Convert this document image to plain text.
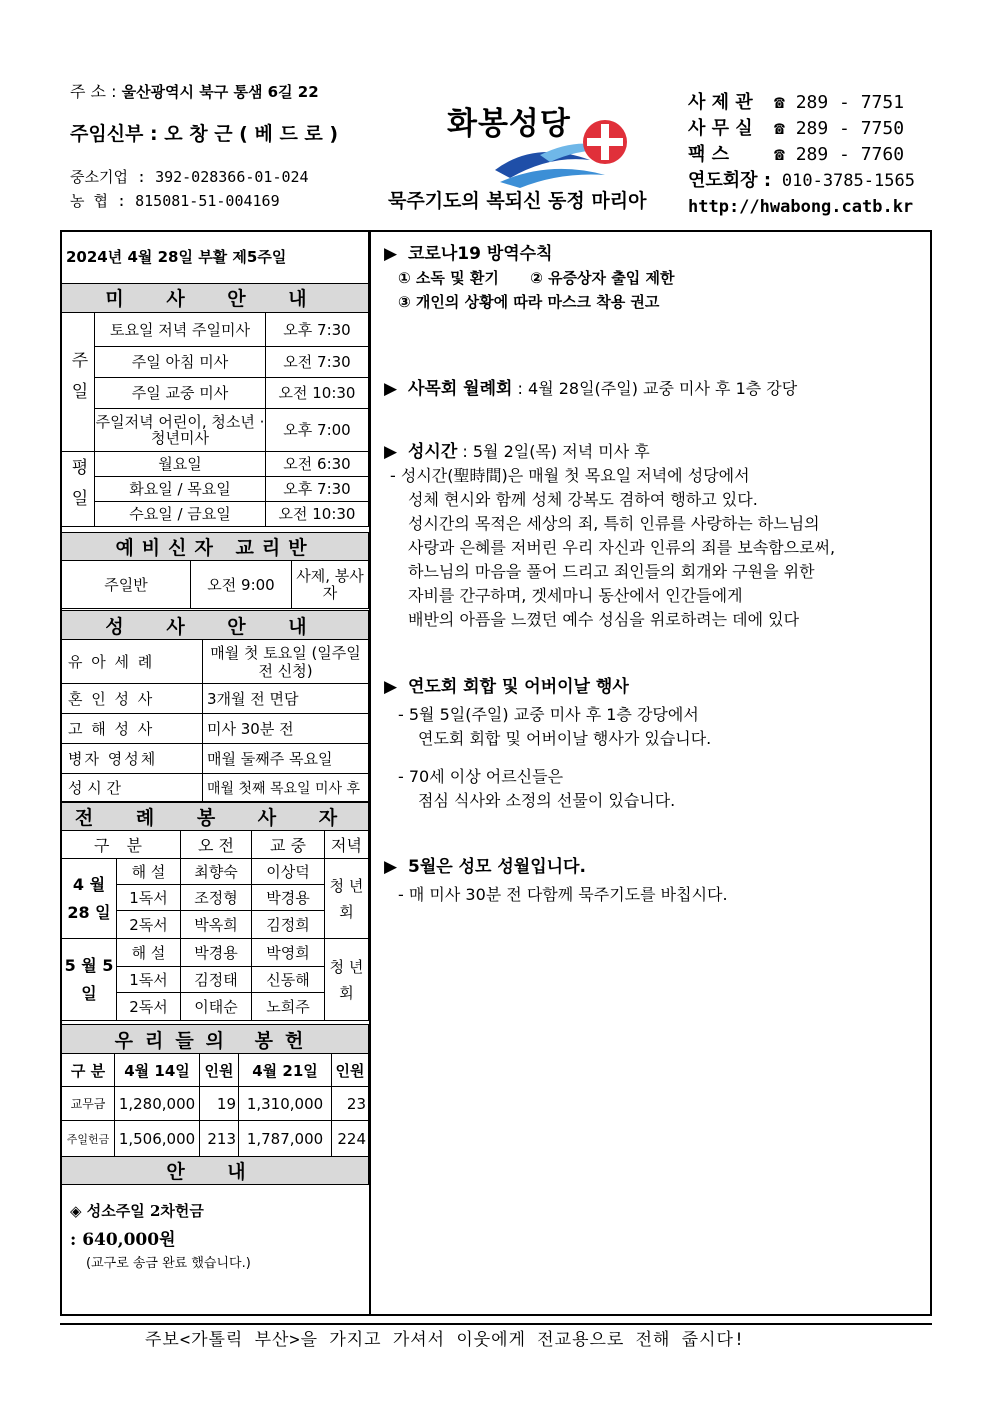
주 소 : 울산광역시 북구 통샘 6길 22
주임신부 : 오 창 근 ( 베 드 로 )
중소기업 : 392-028366-01-024
농 협 : 815081-51-004169
화봉성당
묵주기도의 복되신 동정 마리아
사 제 관 ☎ 289 - 7751
사 무 실 ☎ 289 - 7750
팩 스 ☎ 289 - 7760
연도회장 : 010-3785-1565
http://hwabong.catb.kr
2024년 4월 28일 부활 제5주일		
미 사 안 내		
주일	토요일 저녁 주일미사	오후 7:30
	주일 아침 미사	오전 7:30
	주일 교중 미사	오전 10:30
	주일저녁 어린이, 청소년 · 청년미사	오후 7:00
평일	월요일	오전 6:30
	화요일 / 목요일	오후 7:30
	수요일 / 금요일	오전 10:30
예비신자 교리반
주일반	오전 9:00	사제, 봉사자
성 사 안 내	
유 아 세 례	매월 첫 토요일 (일주일 전 신청)
혼 인 성 사	3개월 전 면담
고 해 성 사	미사 30분 전
병자 영성체	매월 둘째주 목요일
성 시 간	매월 첫째 목요일 미사 후
전 례 봉 사 자				
구 분		오 전	교 중	저녁
4 월 28 일	해 설	최향숙	이상덕	청 년 회
	1독서	조정형	박경용	
	2독서	박옥희	김정희	
5 월 5 일	해 설	박경용	박영희	청 년 회
	1독서	김정태	신동해	
	2독서	이태순	노희주	
우리들의 봉헌				
구 분	4월 14일	인원	4월 21일	인원
교무금	1,280,000	19	1,310,000	23
주일헌금	1,506,000	213	1,787,000	224
안 내				
◈ 성소주일 2차헌금
: 640,000원
(교구로 송금 완료 했습니다.)
▶ 코로나19 방역수칙

① 소독 및 환기      ② 유증상자 출입 제한

③ 개인의 상황에 따라 마스크 착용 권고

▶ 사목회 월례회 : 4월 28일(주일) 교중 미사 후 1층 강당
▶ 성시간 : 5월 2일(목) 저녁 미사 후

- 성시간(聖時間)은 매월 첫 목요일 저녁에 성당에서

성체 현시와 함께 성체 강복도 겸하여 행하고 있다.

성시간의 목적은 세상의 죄, 특히 인류를 사랑하는 하느님의

사랑과 은혜를 저버린 우리 자신과 인류의 죄를 보속함으로써,

하느님의 마음을 풀어 드리고 죄인들의 회개와 구원을 위한

자비를 간구하며, 겟세마니 동산에서 인간들에게

배반의 아픔을 느꼈던 예수 성심을 위로하려는 데에 있다

▶ 연도회 회합 및 어버이날 행사

- 5월 5일(주일) 교중 미사 후 1층 강당에서

연도회 회합 및 어버이날 행사가 있습니다.

- 70세 이상 어르신들은

점심 식사와 소정의 선물이 있습니다.

▶ 5월은 성모 성월입니다.

- 매 미사 30분 전 다함께 묵주기도를 바칩시다.

주보<가톨릭 부산>을 가지고 가셔서 이웃에게 전교용으로 전해 줍시다!
